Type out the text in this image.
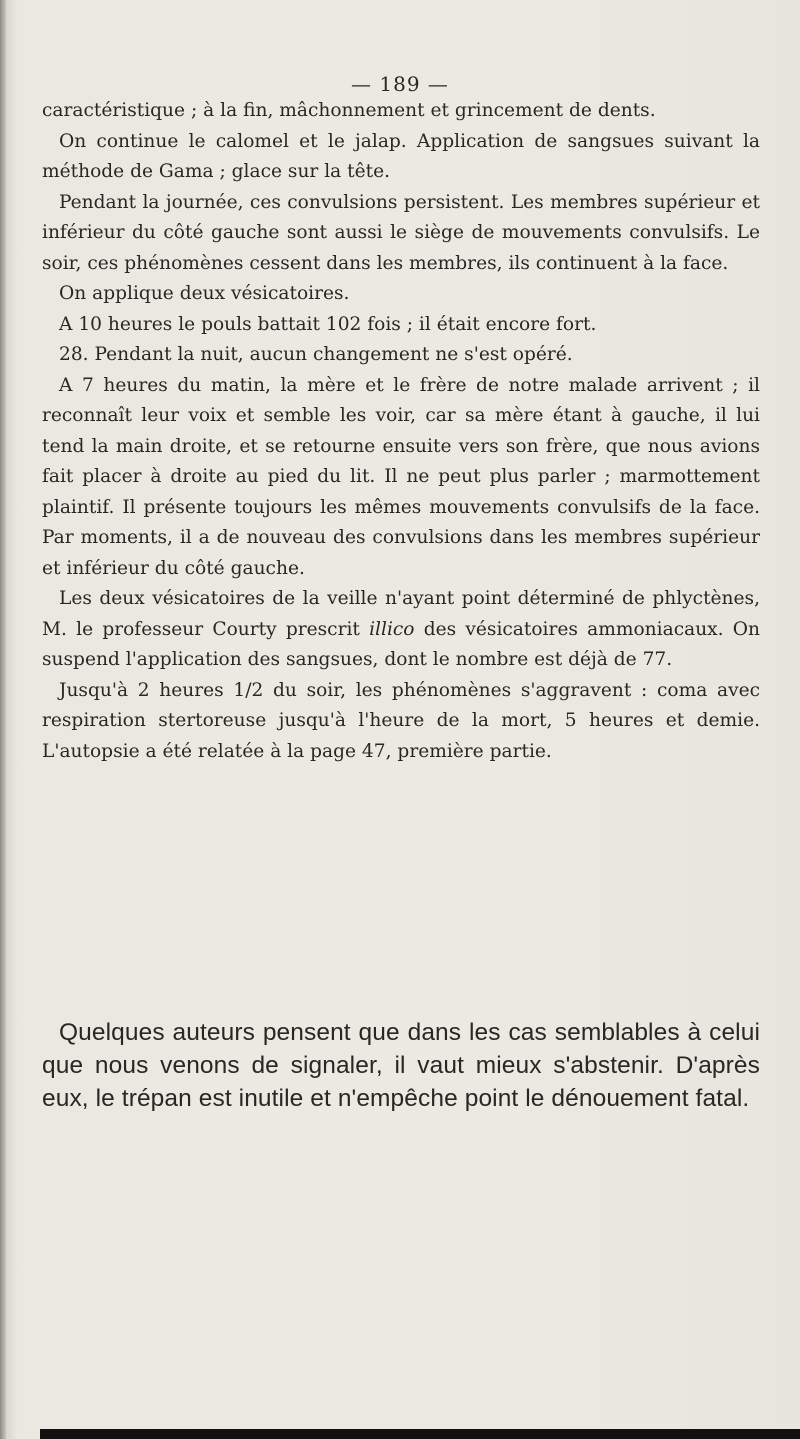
— 189 —

caractéristique ; à la fin, mâchonnement et grincement de dents.

On continue le calomel et le jalap. Application de sangsues suivant la méthode de Gama ; glace sur la tête.

Pendant la journée, ces convulsions persistent. Les membres supérieur et inférieur du côté gauche sont aussi le siège de mouvements convulsifs. Le soir, ces phénomènes cessent dans les membres, ils continuent à la face.

On applique deux vésicatoires.

A 10 heures le pouls battait 102 fois ; il était encore fort.

28. Pendant la nuit, aucun changement ne s'est opéré.

A 7 heures du matin, la mère et le frère de notre malade arrivent ; il reconnaît leur voix et semble les voir, car sa mère étant à gauche, il lui tend la main droite, et se retourne ensuite vers son frère, que nous avions fait placer à droite au pied du lit. Il ne peut plus parler ; marmottement plaintif. Il présente toujours les mêmes mouvements convulsifs de la face. Par moments, il a de nouveau des convulsions dans les membres supérieur et inférieur du côté gauche.

Les deux vésicatoires de la veille n'ayant point déterminé de phlyctènes, M. le professeur Courty prescrit illico des vésicatoires ammoniacaux. On suspend l'application des sangsues, dont le nombre est déjà de 77.

Jusqu'à 2 heures 1/2 du soir, les phénomènes s'aggravent : coma avec respiration stertoreuse jusqu'à l'heure de la mort, 5 heures et demie. L'autopsie a été relatée à la page 47, première partie.

Quelques auteurs pensent que dans les cas semblables à celui que nous venons de signaler, il vaut mieux s'abstenir. D'après eux, le trépan est inutile et n'empêche point le dénouement fatal.
